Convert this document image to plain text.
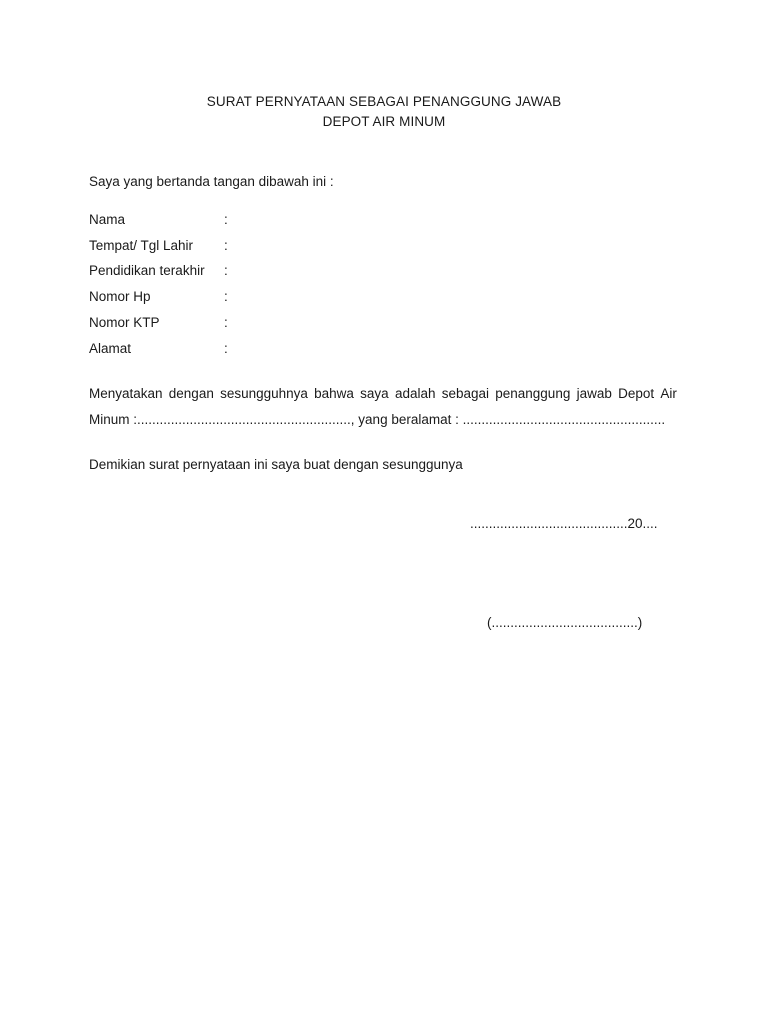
SURAT PERNYATAAN SEBAGAI PENANGGUNG JAWAB
DEPOT AIR MINUM
Saya yang bertanda tangan dibawah ini :
Nama	:
Tempat/ Tgl Lahir :
Pendidikan terakhir :
Nomor Hp	:
Nomor KTP	:
Alamat	:
Menyatakan dengan sesungguhnya bahwa saya adalah sebagai penanggung jawab Depot Air
Minum :........................................................., yang beralamat : ......................................................
Demikian surat pernyataan ini saya buat dengan sesunggunya
..........................................20....
(.......................................)
